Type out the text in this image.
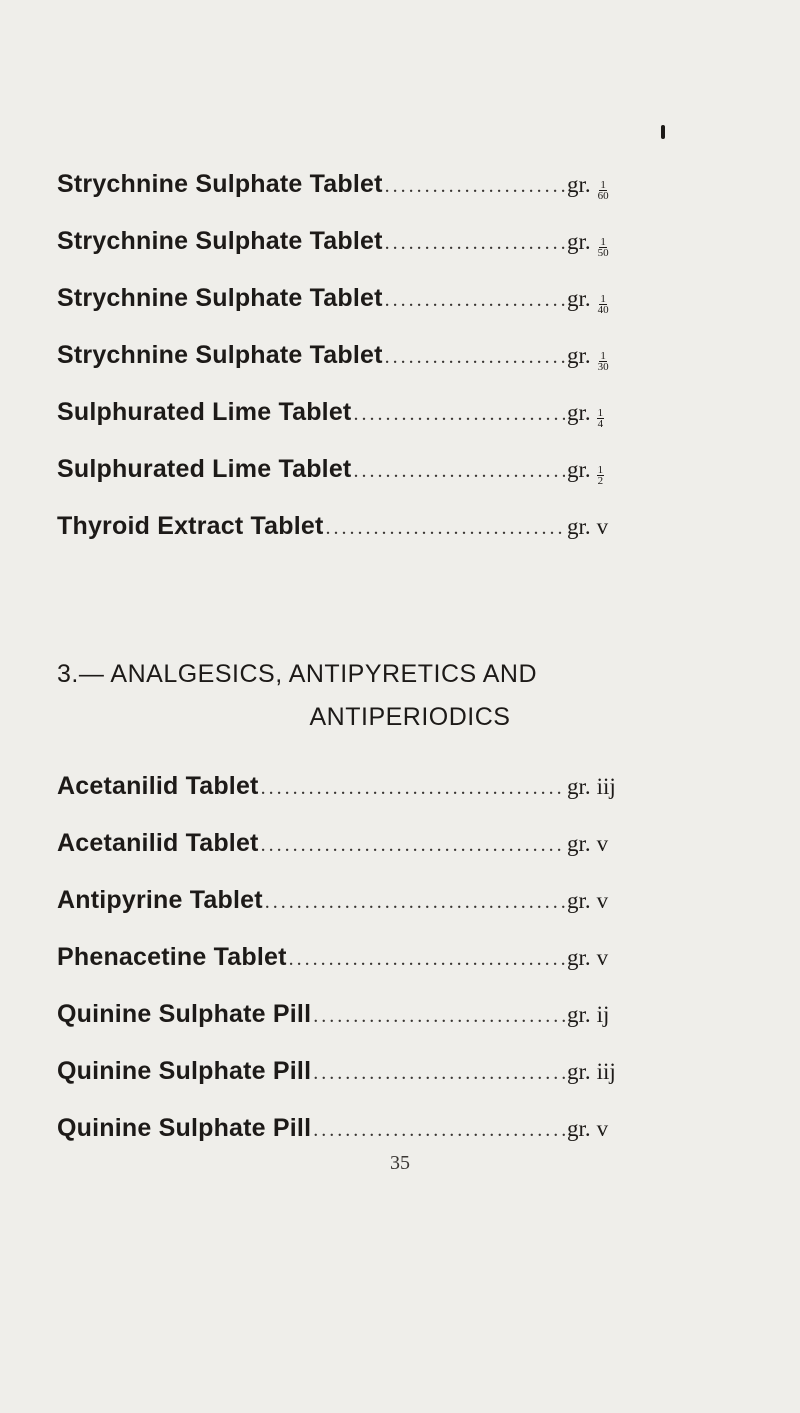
Strychnine Sulphate Tablet .....	gr. $\frac{1}{60}$
Strychnine Sulphate Tablet .....	gr. $\frac{1}{50}$
Strychnine Sulphate Tablet .....	gr. $\frac{1}{40}$
Strychnine Sulphate Tablet .....	gr. $\frac{1}{30}$
Sulphurated Lime Tablet .....	gr. $\frac{1}{4}$
Sulphurated Lime Tablet .....	gr. $\frac{1}{2}$
Thyroid Extract Tablet .....	gr. v
3.— ANALGESICS, ANTIPYRETICS AND
ANTIPERIODICS
Acetanilid Tablet .....	gr. iij
Acetanilid Tablet .....	gr. v
Antipyrine Tablet .....	gr. v
Phenacetine Tablet .....	gr. v
Quinine Sulphate Pill .....	gr. ij
Quinine Sulphate Pill .....	gr. iij
Quinine Sulphate Pill .....	gr. v
35
